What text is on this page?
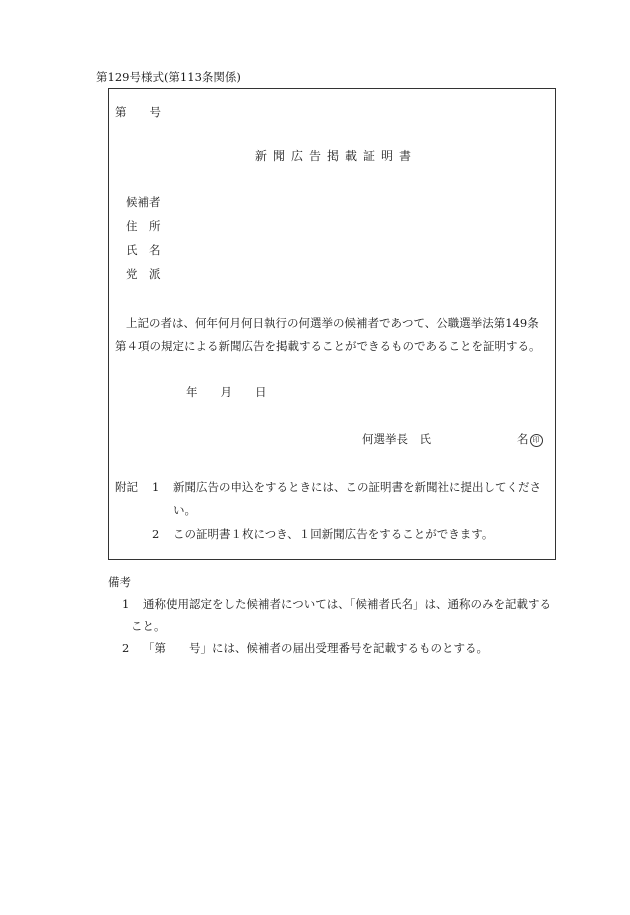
第129号様式(第113条関係)
第　　号
新聞広告掲載証明書
候補者
住　所
氏　名
党　派
上記の者は、何年何月何日執行の何選挙の候補者であつて、公職選挙法第149条
第４項の規定による新聞広告を掲載することができるものであることを証明する。
年　　月　　日
何選挙長　氏	名 印
附記 1 新聞広告の申込をするときには、この証明書を新聞社に提出してくださ
い。
2 この証明書１枚につき、１回新聞広告をすることができます。
備考
1 通称使用認定をした候補者については、「候補者氏名」は、通称のみを記載する
こと。
2 「第　　号」には、候補者の届出受理番号を記載するものとする。
